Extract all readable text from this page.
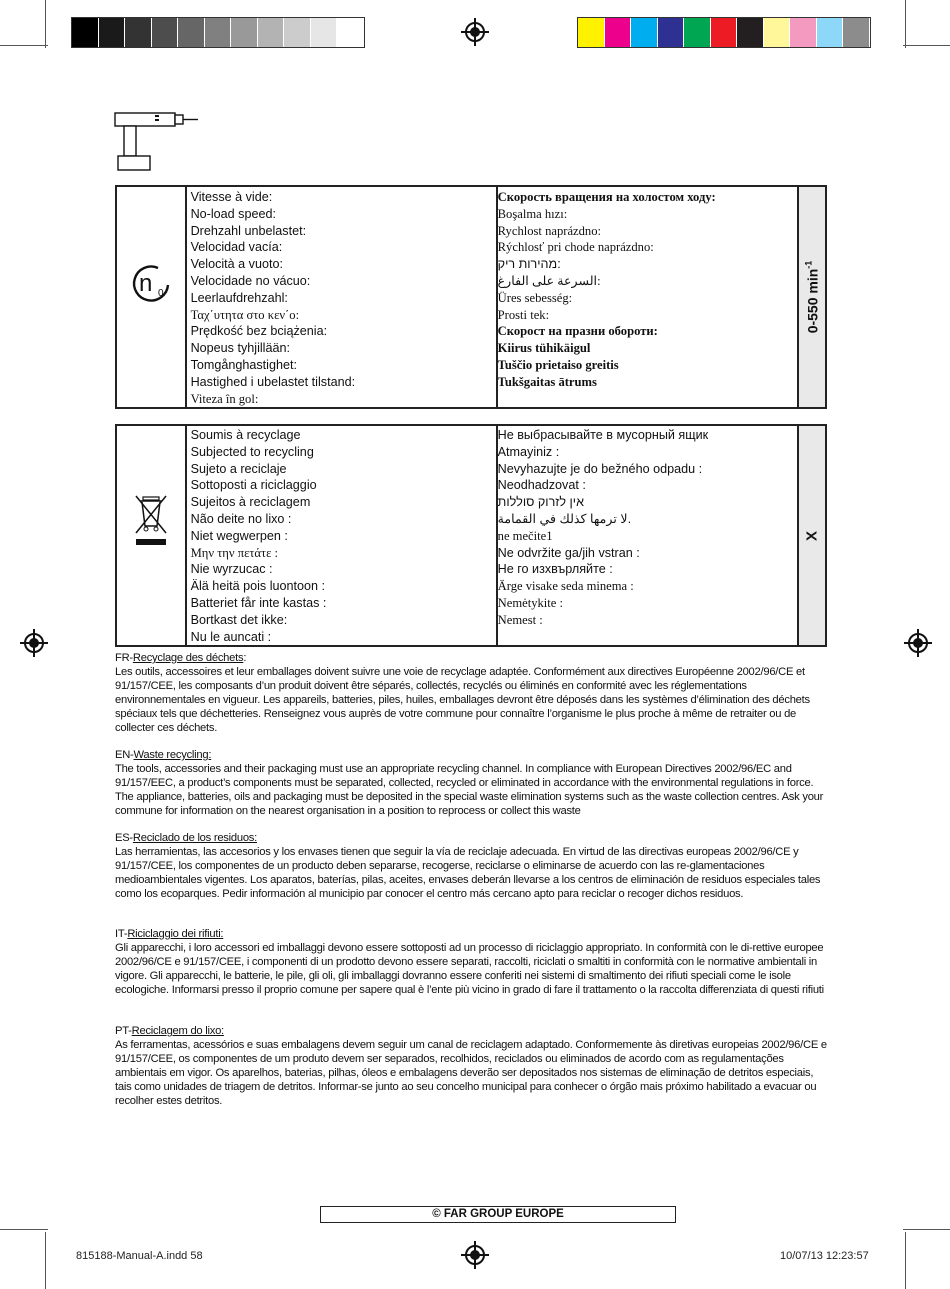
n 0

Vitesse à vide:
No-load speed:
Drehzahl unbelastet:
Velocidad vacía:
Velocità a vuoto:
Velocidade no vácuo:
Leerlaufdrehzahl:
Ταχ΄υτητα στο κεν΄ο:
Prędkość bez bciążenia:
Nopeus tyhjillään:
Tomgånghastighet:
Hastighed i ubelastet tilstand:
Viteza în gol:

Скорость вращения на холостом ходу:
Boşalma hızı:
Rychlost naprázdno:
Rýchlosť pri chode naprázdno:
מהירות ריק:
السرعة على الفارغ:
Üres sebesség:
Prosti tek:
Скорост на празни обороти:
Kiirus tühikäigul
Tuščio prietaiso greitis
Tukšgaitas ātrums

0-550 $\min^{-1}$

Soumis à recyclage
Subjected to recycling
Sujeto a reciclaje
Sottoposti a riciclaggio
Sujeitos à reciclagem
Não deite no lixo :
Niet wegwerpen :
Μην την πετάτε :
Nie wyrzucac :
Älä heitä pois luontoon :
Batteriet får inte kastas :
Bortkast det ikke:
Nu le auncati :

Не выбрасывайте в мусорный ящик
Atmayiniz :
Nevyhazujte je do bežného odpadu :
Neodhadzovat :
אין לזרוק סוללות
لا ترمها كذلك في القمامة.
ne mečite1
Ne odvržite ga/jih vstran :
Не го изхвърляйте :
Ärge visake seda minema :
Nemėtykite :
Nemest :

X
FR-Recyclage des déchets:
Les outils, accessoires et leur emballages doivent suivre une voie de recyclage adaptée. Conformément aux directives Européenne 2002/96/CE et 91/157/CEE, les composants d’un produit doivent être séparés, collectés, recyclés ou éliminés en conformité avec les réglementations environnementales en vigueur. Les appareils, batteries, piles, huiles, emballages devront être déposés dans les systèmes d’élimination des déchets spéciaux tels que déchetteries. Renseignez vous auprès de votre commune pour connaître l’organisme le plus proche à même de retraiter ou de collecter ces déchets.
EN-Waste recycling:
The tools, accessories and their packaging must use an appropriate recycling channel. In compliance with European Directives 2002/96/EC and 91/157/EEC, a product’s components must be separated, collected, recycled or eliminated in accordance with the environmental regulations in force. The appliance, batteries, oils and packaging must be deposited in the special waste elimination systems such as the waste collection centres. Ask your commune for information on the nearest organisation in a position to reprocess or collect this waste
ES-Reciclado de los residuos:
Las herramientas, las accesorios y los envases tienen que seguir la vía de reciclaje adecuada. En virtud de las directivas europeas 2002/96/CE y 91/157/CEE, los componentes de un producto deben separarse, recogerse, reciclarse o eliminarse de acuerdo con las re-glamentaciones medioambientales vigentes. Los aparatos, baterías, pilas, aceites, envases deberán llevarse a los centros de eliminación de residuos especiales tales como los ecoparques. Pedir información al municipio par conocer el centro más cercano apto para reciclar o recoger dichos residuos.
IT-Riciclaggio dei rifiuti:
Gli apparecchi, i loro accessori ed imballaggi devono essere sottoposti ad un processo di riciclaggio appropriato. In conformità con le di-rettive europee 2002/96/CE e 91/157/CEE, i componenti di un prodotto devono essere separati, raccolti, riciclati o smaltiti in conformità con le normative ambientali in vigore. Gli apparecchi, le batterie, le pile, gli oli, gli imballaggi dovranno essere conferiti nei sistemi di smaltimento dei rifiuti speciali come le isole ecologiche. Informarsi presso il proprio comune per sapere qual è l’ente più vicino in grado di fare il trattamento o la raccolta differenziata di questi rifiuti
PT-Reciclagem do lixo:
As ferramentas, acessórios e suas embalagens devem seguir um canal de reciclagem adaptado. Conformemente às diretivas europeias 2002/96/CE e 91/157/CEE, os componentes de um produto devem ser separados, recolhidos, reciclados ou eliminados de acordo com as regulamentações ambientais em vigor. Os aparelhos, baterias, pilhas, óleos e embalagens deverão ser depositados nos sistemas de eliminação de detritos especiais, tais como unidades de triagem de detritos. Informar-se junto ao seu concelho municipal para conhecer o órgão mais próximo habilitado a evacuar ou recolher estes detritos.
© FAR GROUP EUROPE
815188-Manual-A.indd 58	10/07/13 12:23:57
